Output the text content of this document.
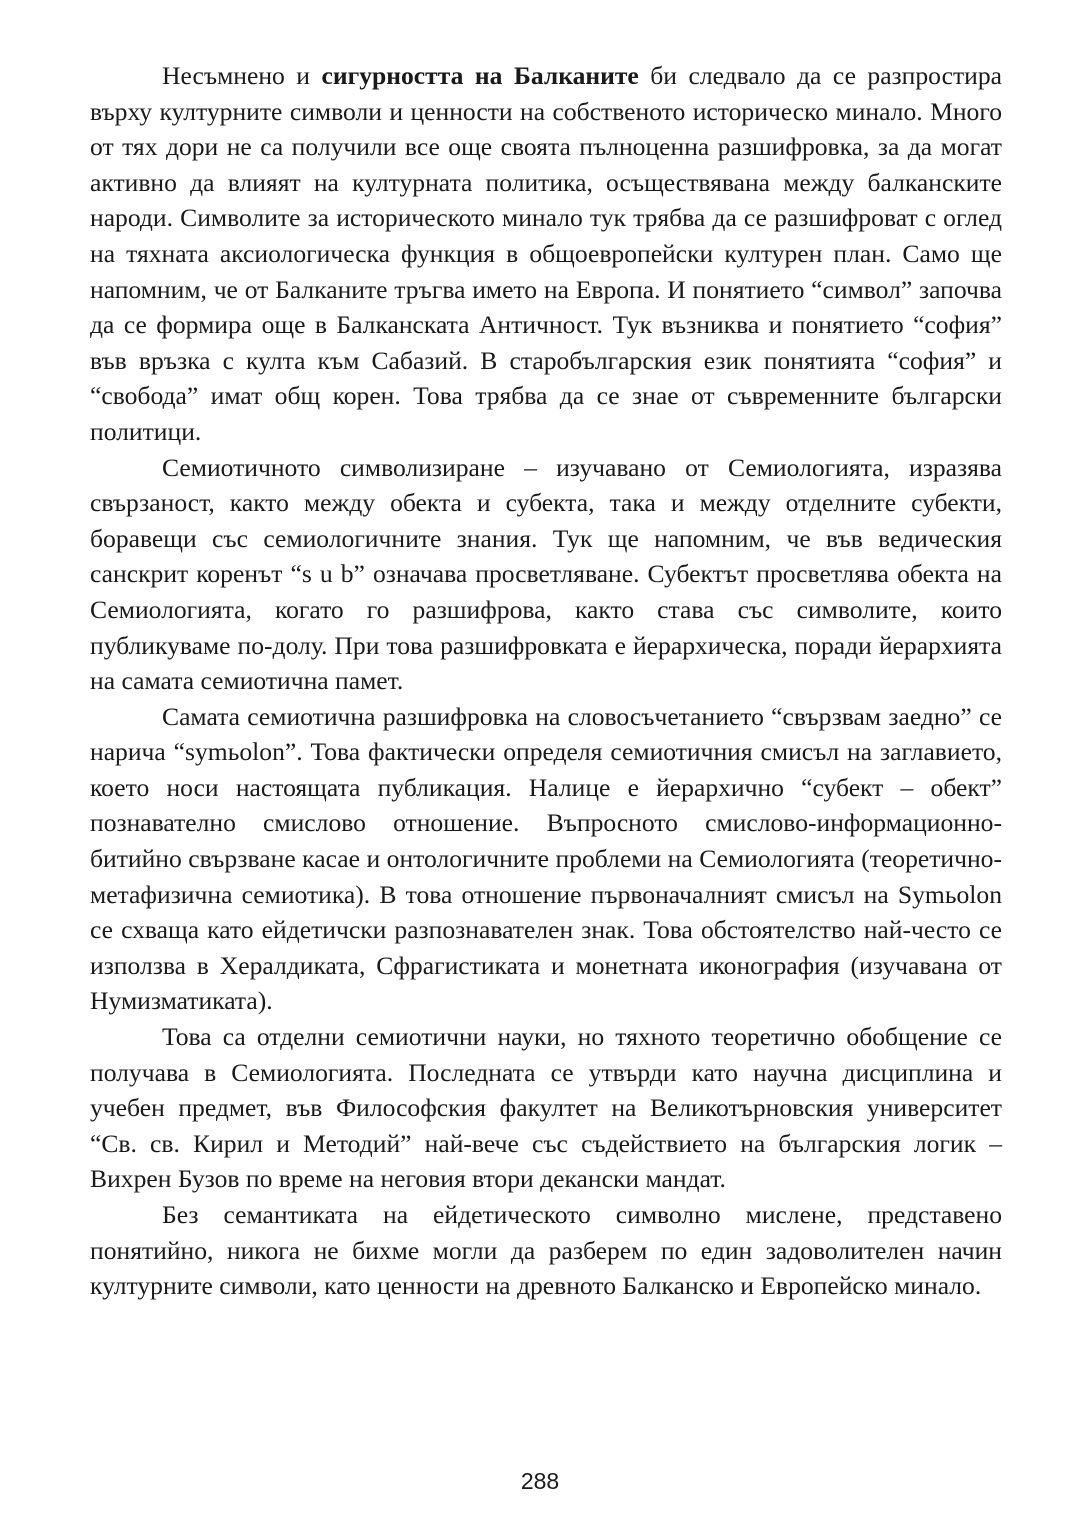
Несъмнено и сигурността на Балканите би следвало да се разпростира върху културните символи и ценности на собственото историческо минало. Много от тях дори не са получили все още своята пълноценна разшифровка, за да могат активно да влияят на културната политика, осъществявана между балканските народи. Символите за историческото минало тук трябва да се разшифроват с оглед на тяхната аксиологическа функция в общоевропейски културен план. Само ще напомним, че от Балканите тръгва името на Европа. И понятието “символ” започва да се формира още в Балканската Античност. Тук възниква и понятието “софия” във връзка с култа към Сабазий. В старобългарския език понятията “софия” и “свобода” имат общ корен. Това трябва да се знае от съвременните български политици.

Семиотичното символизиране – изучавано от Семиологията, изразява свързаност, както между обекта и субекта, така и между отделните субекти, боравещи със семиологичните знания. Тук ще напомним, че във ведическия санскрит коренът “s u b” означава просветляване. Субектът просветлява обекта на Семиологията, когато го разшифрова, както става със символите, които публикуваме по-долу. При това разшифровката е йерархическа, поради йерархията на самата семиотична памет.

Самата семиотична разшифровка на словосъчетанието “свързвам заедно” се нарича “symьolon”. Това фактически определя семиотичния смисъл на заглавието, което носи настоящата публикация. Налице е йерархично “субект – обект” познавателно смислово отношение. Въпросното смислово-информационно-битийно свързване касае и онтологичните проблеми на Семиологията (теоретично-метафизична семиотика). В това отношение първоначалният смисъл на Symьolon се схваща като ейдетичски разпознавателен знак. Това обстоятелство най-често се използва в Хералдиката, Сфрагистиката и монетната иконография (изучавана от Нумизматиката).

Това са отделни семиотични науки, но тяхното теоретично обобщение се получава в Семиологията. Последната се утвърди като научна дисциплина и учебен предмет, във Философския факултет на Великотърновския университет “Св. св. Кирил и Методий” най-вече със съдействието на българския логик – Вихрен Бузов по време на неговия втори декански мандат.

Без семантиката на ейдетическото символно мислене, представено понятийно, никога не бихме могли да разберем по един задоволителен начин културните символи, като ценности на древното Балканско и Европейско минало.

288
